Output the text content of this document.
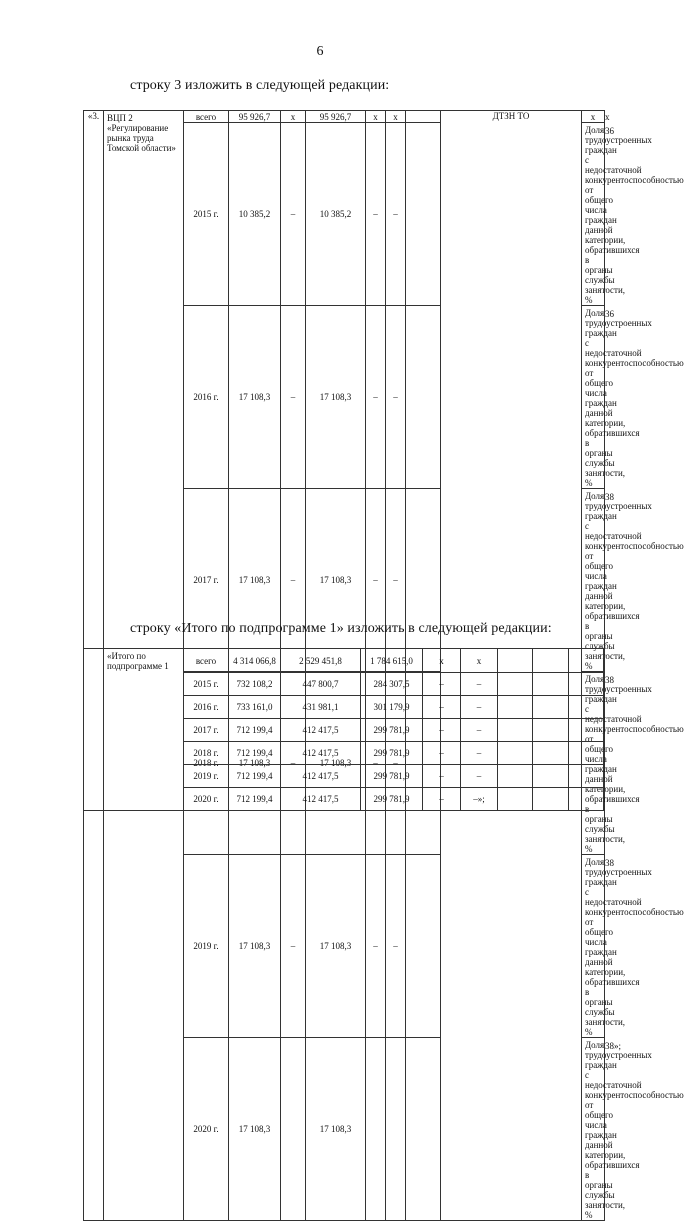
6
строку 3 изложить в следующей редакции:
«3.	ВЦП 2 «Регулирование рынка труда Томской области»	всего	95 926,7	x	95 926,7	x	x		ДТЗН ТО	x	x
		2015 г.	10 385,2	–	10 385,2	–	–			Доля трудоустроенных граждан с недостаточной конкурентоспособностью от общего числа граждан данной категории, обратившихся в органы службы занятости, %	36
		2016 г.	17 108,3	–	17 108,3	–	–			Доля трудоустроенных граждан с недостаточной конкурентоспособностью от общего числа граждан данной категории, обратившихся в органы службы занятости, %	36
		2017 г.	17 108,3	–	17 108,3	–	–			Доля трудоустроенных граждан с недостаточной конкурентоспособностью от общего числа граждан данной категории, обратившихся в органы службы занятости, %	38
		2018 г.	17 108,3	–	17 108,3	–	–			Доля трудоустроенных граждан с недостаточной конкурентоспособностью от общего числа граждан данной категории, обратившихся в органы службы занятости, %	38
		2019 г.	17 108,3	–	17 108,3	–	–			Доля трудоустроенных граждан с недостаточной конкурентоспособностью от общего числа граждан данной категории, обратившихся в органы службы занятости, %	38
		2020 г.	17 108,3		17 108,3					Доля трудоустроенных граждан с недостаточной конкурентоспособностью от общего числа граждан данной категории, обратившихся в органы службы занятости, %	38»;
строку «Итого по подпрограмме 1» изложить в следующей редакции:
	«Итого по подпрограмме 1	всего	4 314 066,8	2 529 451,8	1 784 615,0	x	x			
		2015 г.	732 108,2	447 800,7	284 307,5	–	–			
		2016 г.	733 161,0	431 981,1	301 179,9	–	–			
		2017 г.	712 199,4	412 417,5	299 781,9	–	–			
		2018 г.	712 199,4	412 417,5	299 781,9	–	–			
		2019 г.	712 199,4	412 417,5	299 781,9	–	–			
		2020 г.	712 199,4	412 417,5	299 781,9	–	–»;			
